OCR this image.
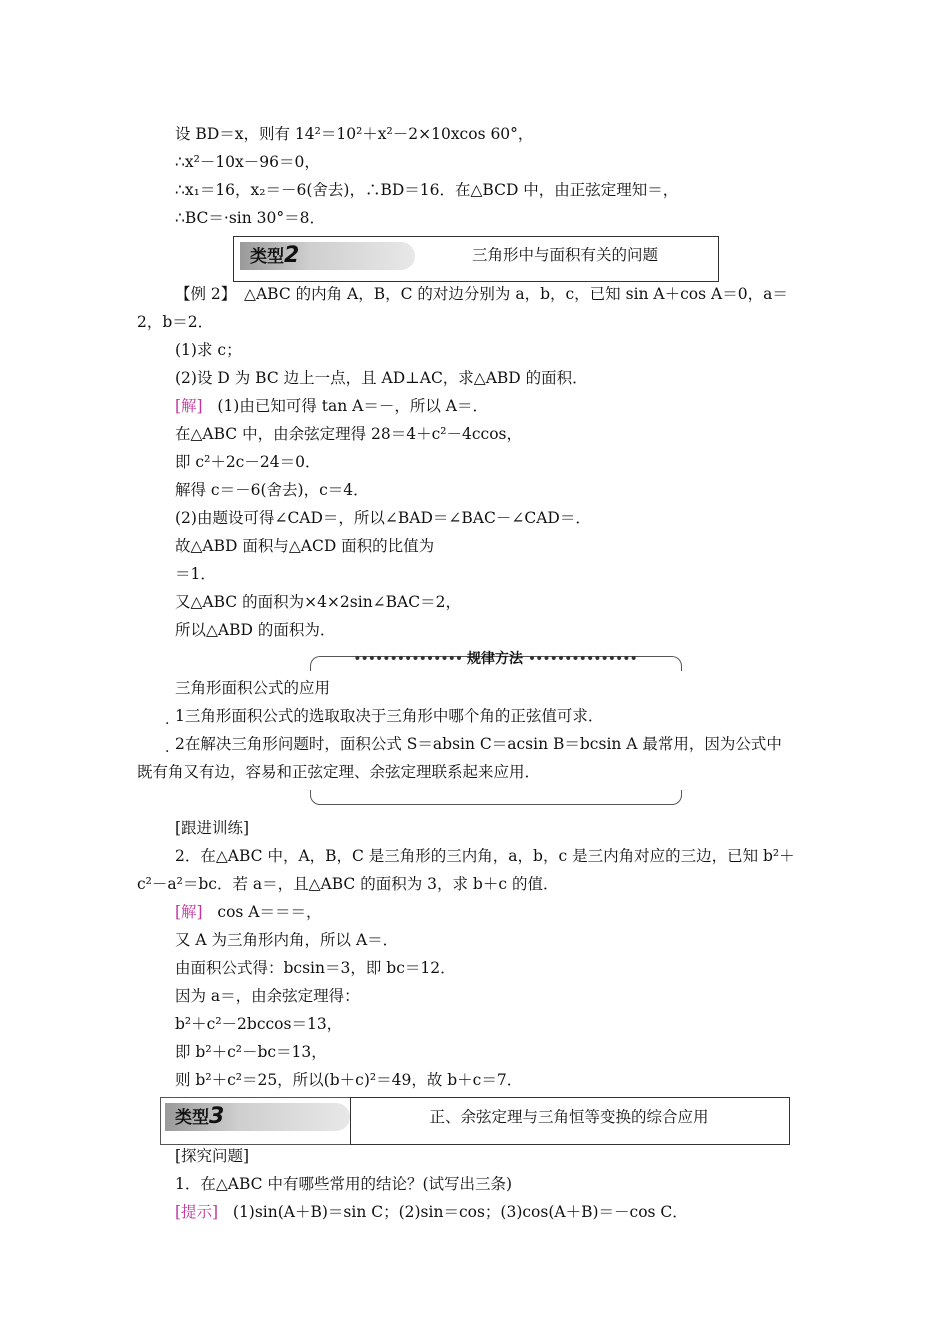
设 BD＝x，则有 14²＝10²＋x²－2×10xcos 60°，
∴x²－10x－96＝0，
∴x₁＝16，x₂＝－6(舍去)，∴BD＝16．在△BCD 中，由正弦定理知＝，
∴BC＝·sin 30°＝8．
类型2	三角形中与面积有关的问题
【例 2】　△ABC 的内角 A，B，C 的对边分别为 a，b，c，已知 sin A＋cos A＝0，a＝
2，b＝2．
(1)求 c；
(2)设 D 为 BC 边上一点，且 AD⊥AC，求△ABD 的面积．
[解] (1)由已知可得 tan A＝－，所以 A＝．
在△ABC 中，由余弦定理得 28＝4＋c²－4ccos，
即 c²＋2c－24＝0．
解得 c＝－6(舍去)，c＝4．
(2)由题设可得∠CAD＝，所以∠BAD＝∠BAC－∠CAD＝．
故△ABD 面积与△ACD 面积的比值为
＝1．
又△ABC 的面积为×4×2sin∠BAC＝2，
所以△ABD 的面积为．
••••••••••••••• 规律方法 •••••••••••••••
三角形面积公式的应用
. 1三角形面积公式的选取取决于三角形中哪个角的正弦值可求．
. 2在解决三角形问题时，面积公式 S＝absin C＝acsin B＝bcsin A 最常用，因为公式中
既有角又有边，容易和正弦定理、余弦定理联系起来应用．
[跟进训练]
2．在△ABC 中，A，B，C 是三角形的三内角，a，b，c 是三内角对应的三边，已知 b²＋
c²－a²＝bc．若 a＝，且△ABC 的面积为 3，求 b＋c 的值．
[解] cos A＝＝＝，
又 A 为三角形内角，所以 A＝．
由面积公式得：bcsin＝3，即 bc＝12．
因为 a＝，由余弦定理得：
b²＋c²－2bccos＝13，
即 b²＋c²－bc＝13，
则 b²＋c²＝25，所以(b＋c)²＝49，故 b＋c＝7．
类型3	正、余弦定理与三角恒等变换的综合应用
[探究问题]
1．在△ABC 中有哪些常用的结论？(试写出三条)
[提示] (1)sin(A＋B)＝sin C；(2)sin＝cos；(3)cos(A＋B)＝－cos C．
